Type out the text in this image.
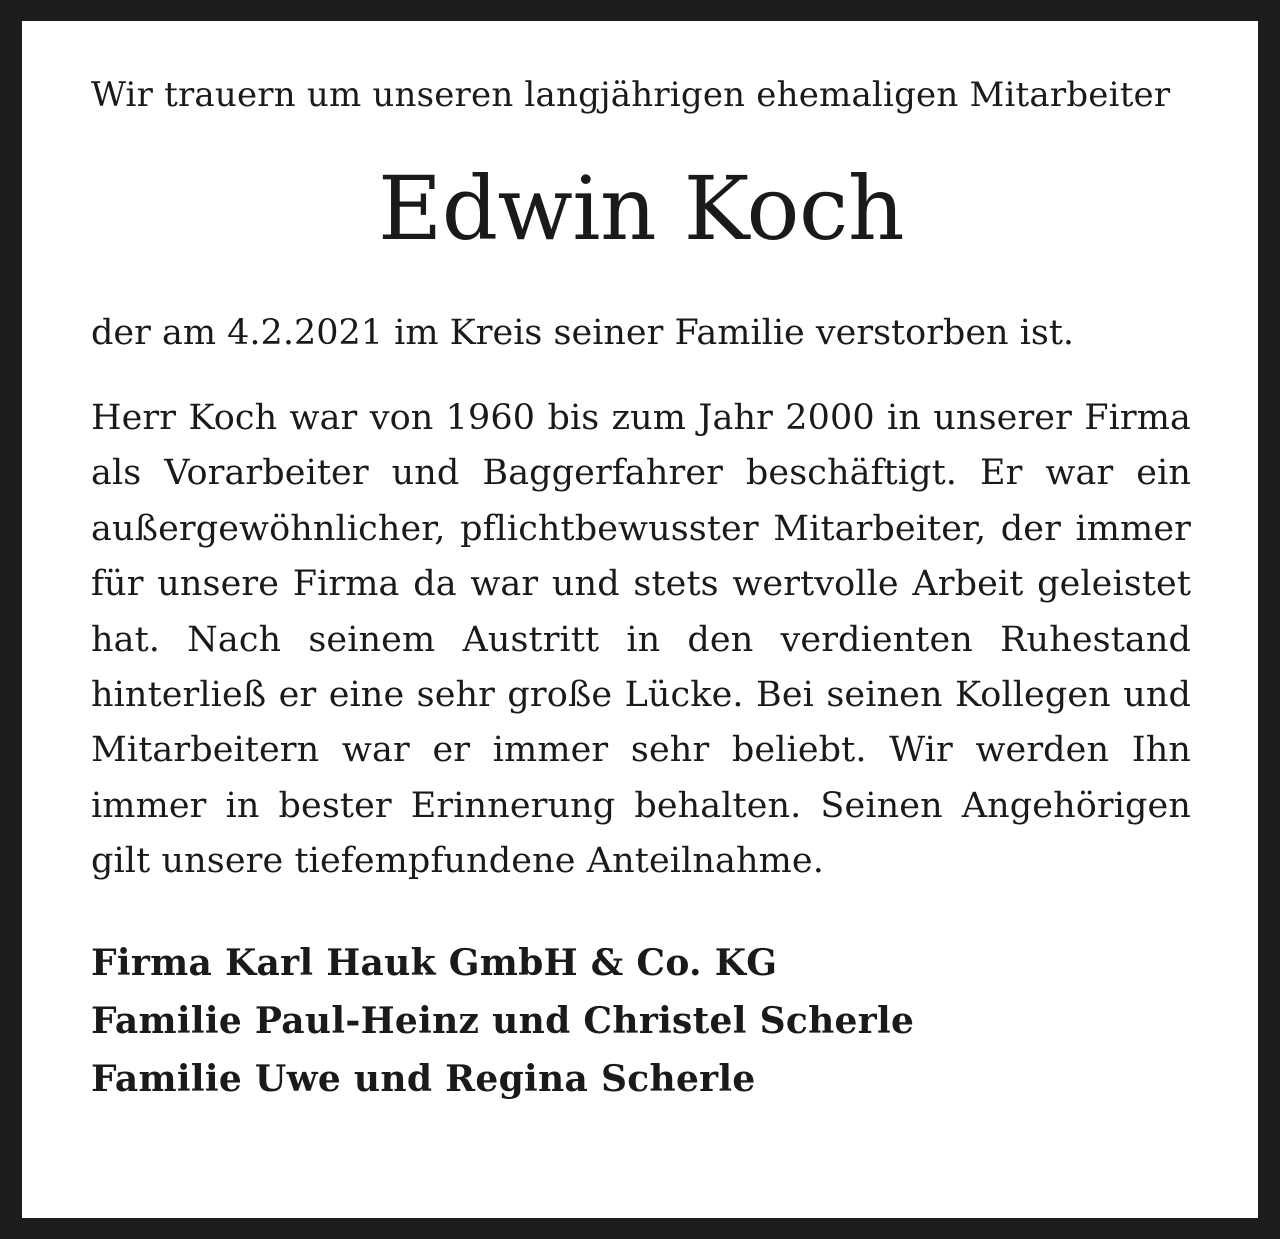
Wir trauern um unseren langjährigen ehemaligen Mitarbeiter

Edwin Koch

der am 4.2.2021 im Kreis seiner Familie verstorben ist.

Herr Koch war von 1960 bis zum Jahr 2000 in unserer Firma als Vorarbeiter und Baggerfahrer beschäftigt. Er war ein außergewöhnlicher, pflichtbewusster Mitarbeiter, der immer für unsere Firma da war und stets wertvolle Arbeit geleistet hat. Nach seinem Austritt in den verdienten Ruhestand hinterließ er eine sehr große Lücke. Bei seinen Kollegen und Mitarbeitern war er immer sehr beliebt. Wir werden Ihn immer in bester Erinnerung behalten. Seinen Angehörigen gilt unsere tiefempfundene Anteilnahme.

Firma Karl Hauk GmbH & Co. KG
Familie Paul-Heinz und Christel Scherle
Familie Uwe und Regina Scherle
